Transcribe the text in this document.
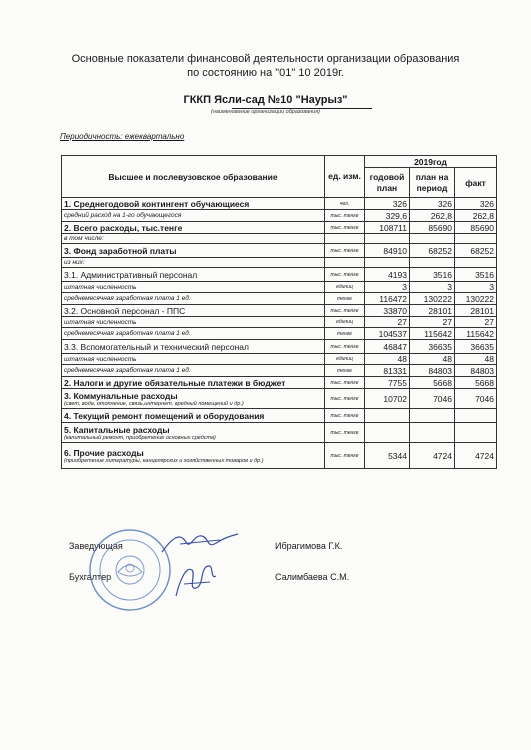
Основные показатели финансовой деятельности организации образования
по состоянию на "01" 10 2019г.
ГККП Ясли-сад №10 "Наурыз"
(наименование организации образования)
Периодичность: ежеквартально
Высшее и послевузовское образование	ед. изм.	2019год		
		годовой план	план на период	факт
1. Среднегодовой контингент обучающиеся	чел.	326	326	326
средний расход на 1-го обучающегося	тыс. тенге	329,6	262,8	262,8
2. Всего расходы, тыс.тенге	тыс. тенге	108711	85690	85690
в том числе:				
3. Фонд заработной платы	тыс. тенге	84910	68252	68252
из них:				
3.1. Административный персонал	тыс. тенге	4193	3516	3516
штатная численность	единиц	3	3	3
среднемесячная заработная плата 1 ед.	тенге	116472	130222	130222
3.2. Основной персонал - ППС	тыс. тенге	33870	28101	28101
штатная численность	единиц	27	27	27
среднемесячная заработная плата 1 ед.	тенге	104537	115642	115642
3.3. Вспомогательный и технический персонал	тыс. тенге	46847	36635	36635
штатная численность	единиц	48	48	48
среднемесячная заработная плата 1 ед.	тенге	81331	84803	84803
2. Налоги и другие обязательные платежи в бюджет	тыс. тенге	7755	5668	5668
3. Коммунальные расходы
(свет, вода, отопление, связь,интернет, вредный помещений и др.)	тыс. тенге	10702	7046	7046
4. Текущий ремонт помещений и оборудования	тыс. тенге			
5. Капитальные расходы
(капитальный ремонт, приобретение основных средств)	тыс. тенге			
6. Прочие расходы
(приобретение литературы, канцелярских и хозяйственных товаров и др.)	тыс. тенге	5344	4724	4724
Заведующая	Ибрагимова Г.К.
Бухгалтер	Салимбаева С.М.
